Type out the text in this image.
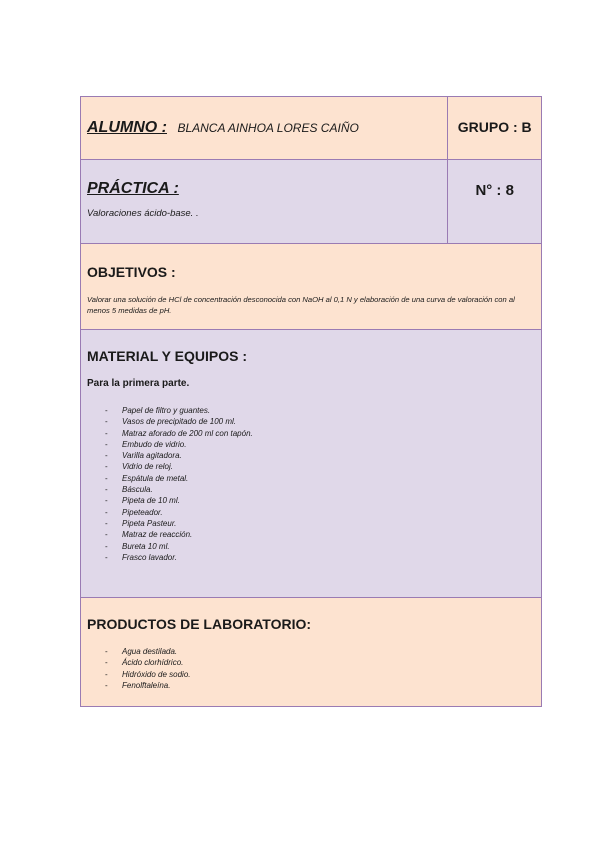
ALUMNO : BLANCA AINHOA LORES CAIÑO	GRUPO : B
PRÁCTICA :
Valoraciones ácido-base. .
N° : 8
OBJETIVOS :
Valorar una solución de HCl de concentración desconocida con NaOH al 0,1 N y elaboración de una curva de valoración con al menos 5 medidas de pH.
MATERIAL Y EQUIPOS :
Para la primera parte.
- Papel de filtro y guantes.
- Vasos de precipitado de 100 ml.
- Matraz aforado de 200 ml con tapón.
- Embudo de vidrio.
- Varilla agitadora.
- Vidrio de reloj.
- Espátula de metal.
- Báscula.
- Pipeta de 10 ml.
- Pipeteador.
- Pipeta Pasteur.
- Matraz de reacción.
- Bureta 10 ml.
- Frasco lavador.
PRODUCTOS DE LABORATORIO:
- Agua destilada.
- Ácido clorhídrico.
- Hidróxido de sodio.
- Fenolftaleína.
